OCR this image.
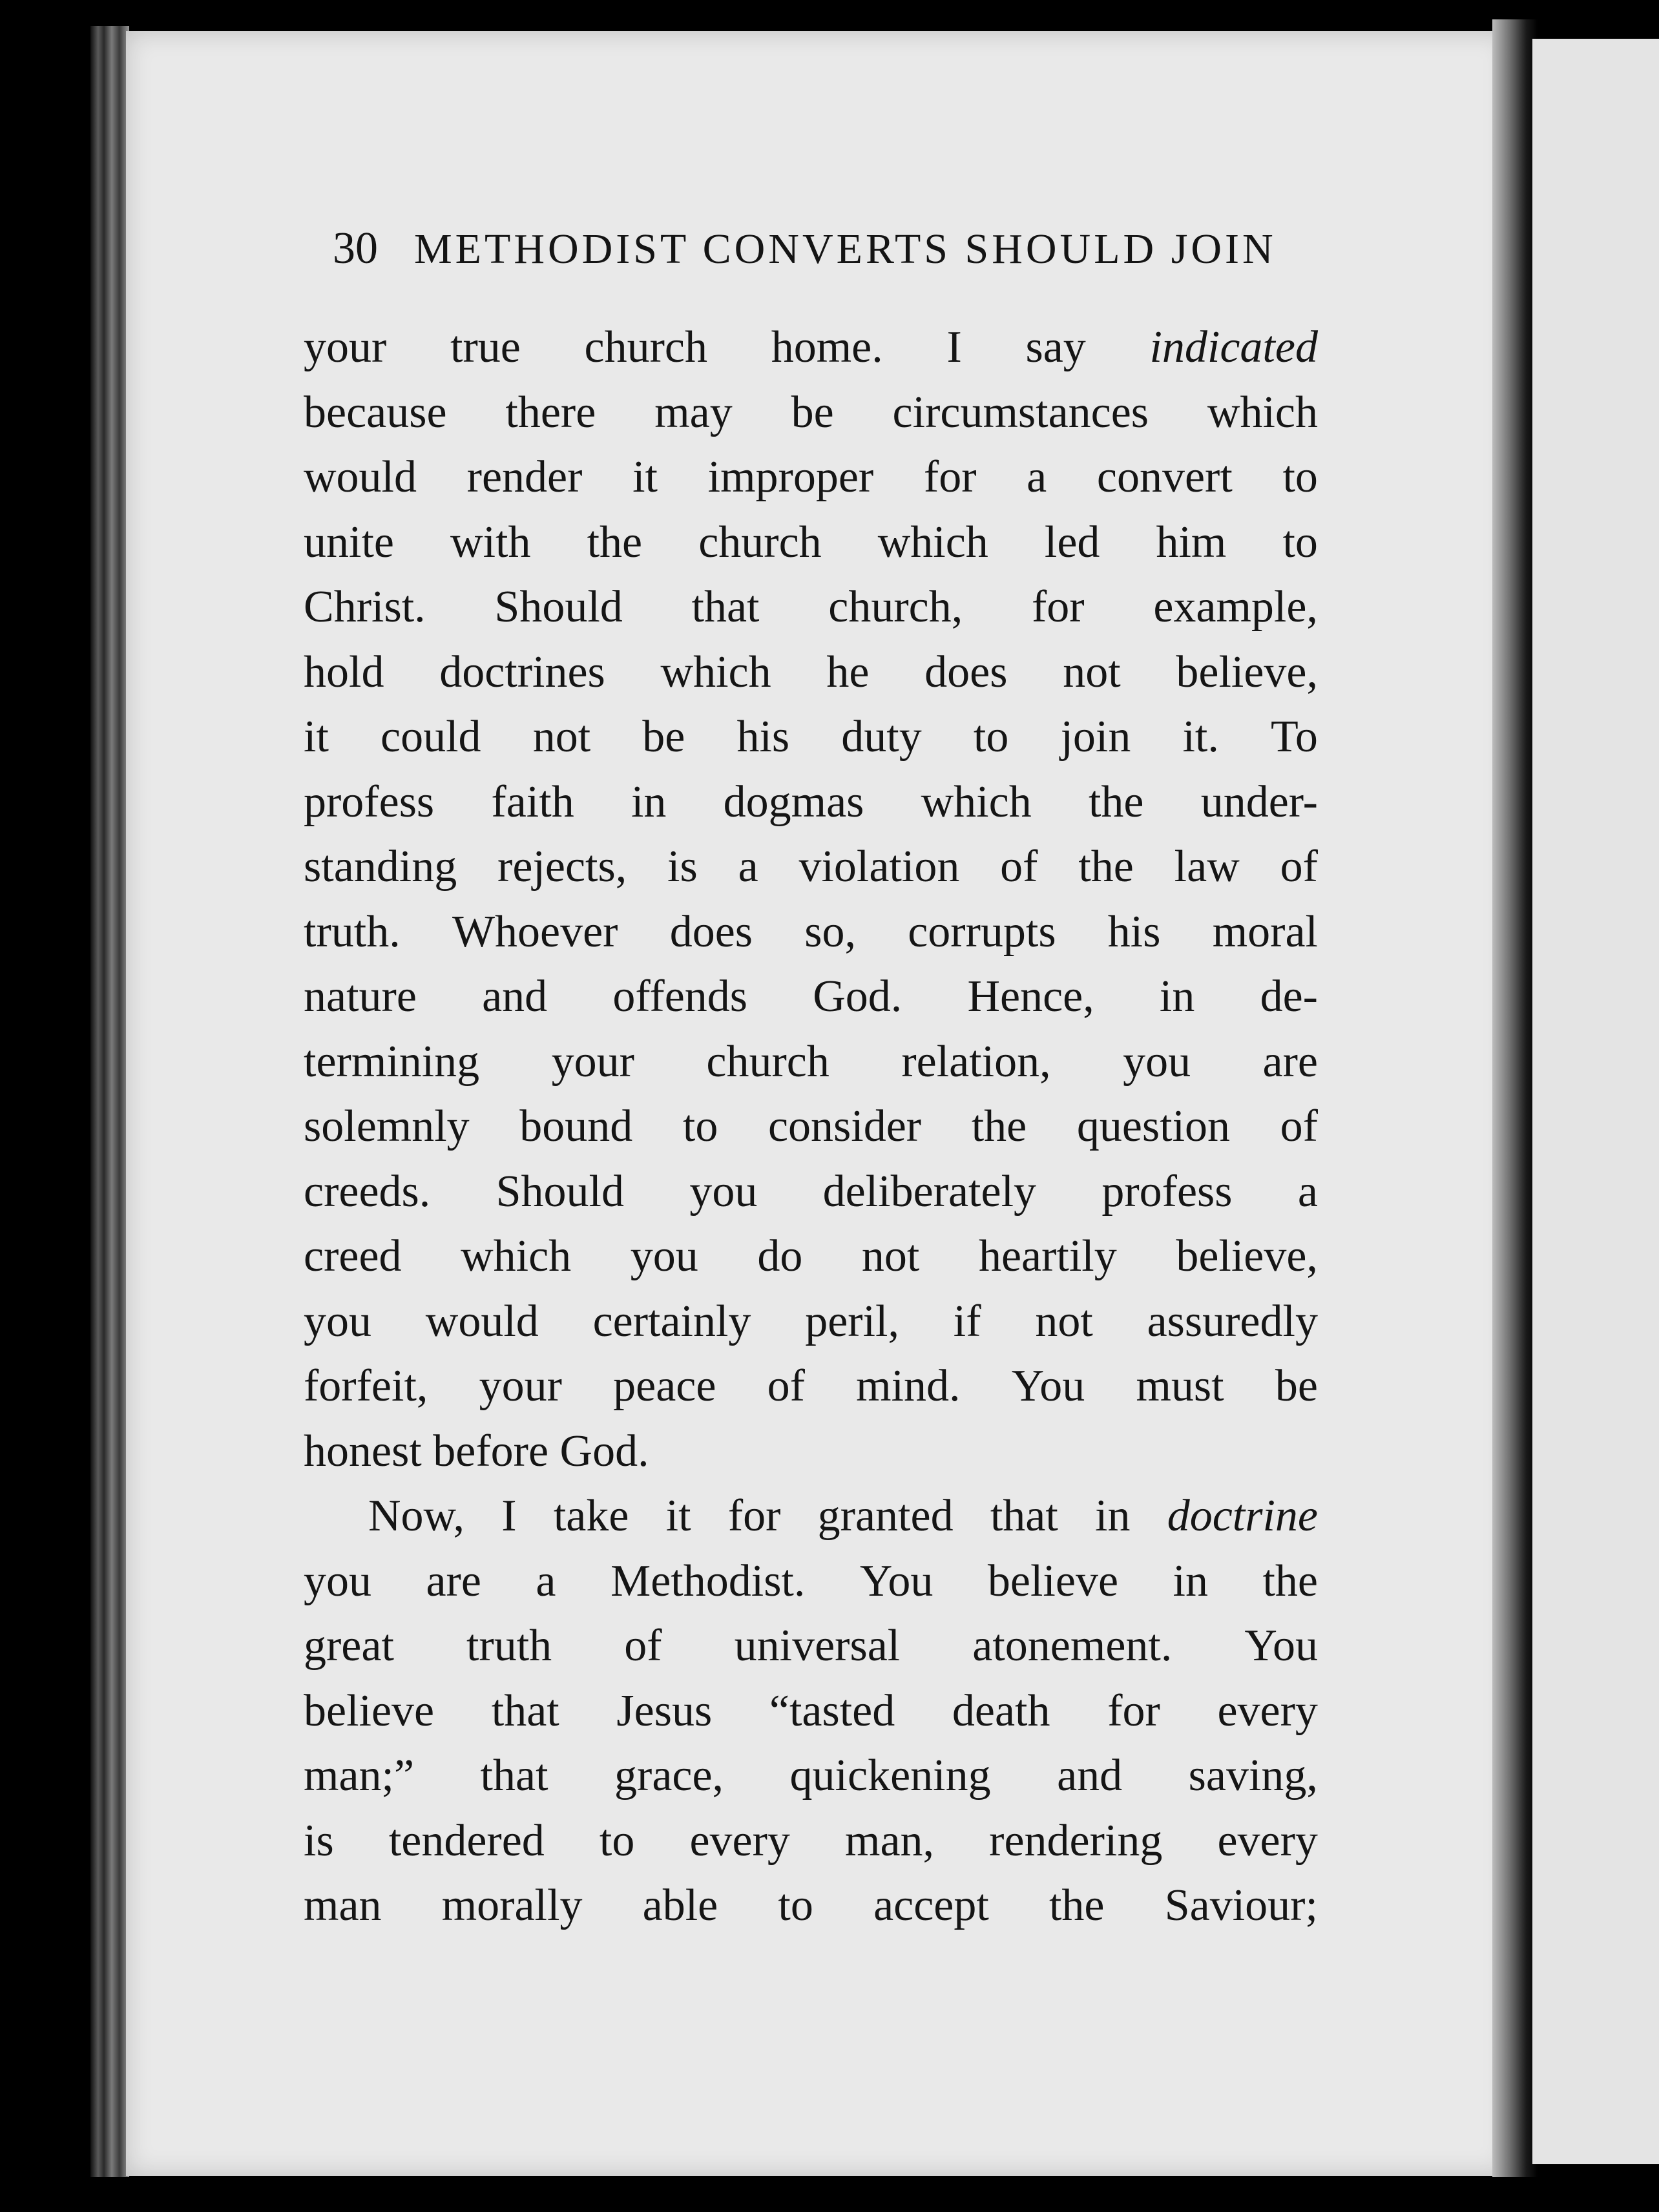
30 METHODIST CONVERTS SHOULD JOIN
your true church home. I say indicated
because there may be circumstances which
would render it improper for a convert to
unite with the church which led him to
Christ. Should that church, for example,
hold doctrines which he does not believe,
it could not be his duty to join it. To
profess faith in dogmas which the under-
standing rejects, is a violation of the law of
truth. Whoever does so, corrupts his moral
nature and offends God. Hence, in de-
termining your church relation, you are
solemnly bound to consider the question of
creeds. Should you deliberately profess a
creed which you do not heartily believe,
you would certainly peril, if not assuredly
forfeit, your peace of mind. You must be
honest before God.
Now, I take it for granted that in doctrine
you are a Methodist. You believe in the
great truth of universal atonement. You
believe that Jesus “tasted death for every
man;” that grace, quickening and saving,
is tendered to every man, rendering every
man morally able to accept the Saviour;
